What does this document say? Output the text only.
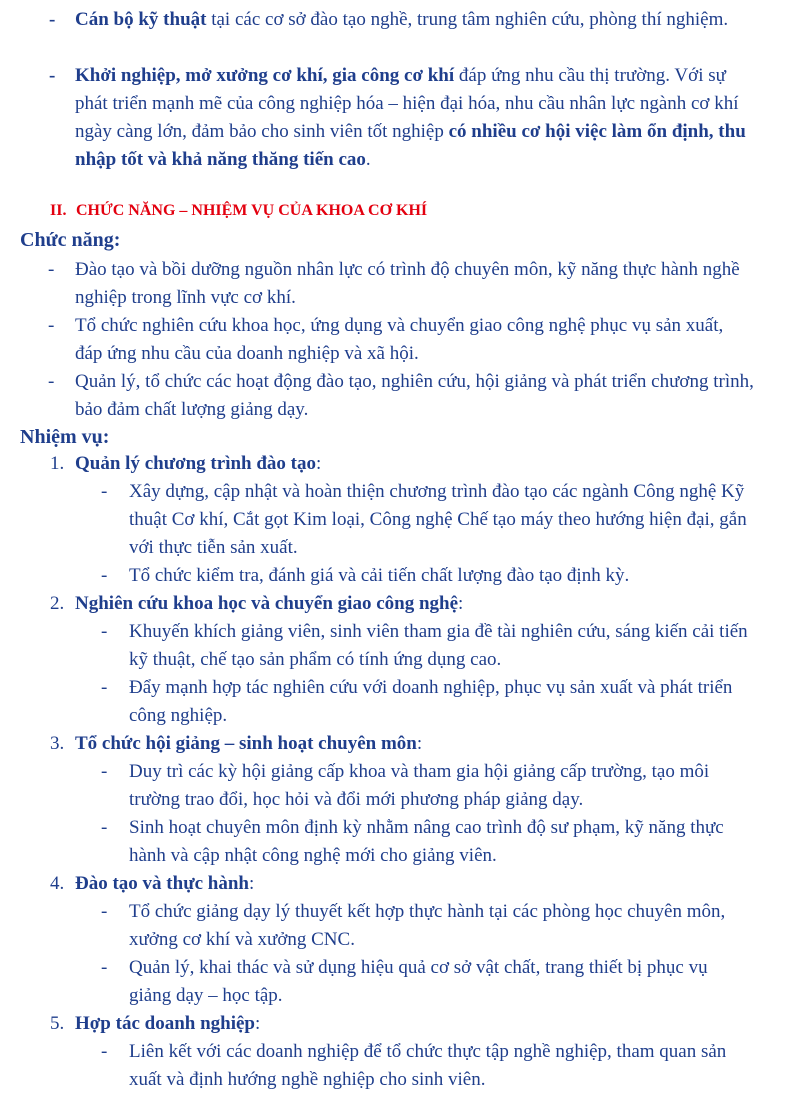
- Cán bộ kỹ thuật tại các cơ sở đào tạo nghề, trung tâm nghiên cứu, phòng thí nghiệm.
- Khởi nghiệp, mở xưởng cơ khí, gia công cơ khí đáp ứng nhu cầu thị trường. Với sự phát triển mạnh mẽ của công nghiệp hóa – hiện đại hóa, nhu cầu nhân lực ngành cơ khí ngày càng lớn, đảm bảo cho sinh viên tốt nghiệp có nhiều cơ hội việc làm ổn định, thu nhập tốt và khả năng thăng tiến cao.
II. CHỨC NĂNG – NHIỆM VỤ CỦA KHOA CƠ KHÍ
Chức năng:
- Đào tạo và bồi dưỡng nguồn nhân lực có trình độ chuyên môn, kỹ năng thực hành nghề nghiệp trong lĩnh vực cơ khí.
- Tổ chức nghiên cứu khoa học, ứng dụng và chuyển giao công nghệ phục vụ sản xuất, đáp ứng nhu cầu của doanh nghiệp và xã hội.
- Quản lý, tổ chức các hoạt động đào tạo, nghiên cứu, hội giảng và phát triển chương trình, bảo đảm chất lượng giảng dạy.
Nhiệm vụ:
1. Quản lý chương trình đào tạo:
- Xây dựng, cập nhật và hoàn thiện chương trình đào tạo các ngành Công nghệ Kỹ thuật Cơ khí, Cắt gọt Kim loại, Công nghệ Chế tạo máy theo hướng hiện đại, gắn với thực tiễn sản xuất.
- Tổ chức kiểm tra, đánh giá và cải tiến chất lượng đào tạo định kỳ.
2. Nghiên cứu khoa học và chuyển giao công nghệ:
- Khuyến khích giảng viên, sinh viên tham gia đề tài nghiên cứu, sáng kiến cải tiến kỹ thuật, chế tạo sản phẩm có tính ứng dụng cao.
- Đẩy mạnh hợp tác nghiên cứu với doanh nghiệp, phục vụ sản xuất và phát triển công nghiệp.
3. Tổ chức hội giảng – sinh hoạt chuyên môn:
- Duy trì các kỳ hội giảng cấp khoa và tham gia hội giảng cấp trường, tạo môi trường trao đổi, học hỏi và đổi mới phương pháp giảng dạy.
- Sinh hoạt chuyên môn định kỳ nhằm nâng cao trình độ sư phạm, kỹ năng thực hành và cập nhật công nghệ mới cho giảng viên.
4. Đào tạo và thực hành:
- Tổ chức giảng dạy lý thuyết kết hợp thực hành tại các phòng học chuyên môn, xưởng cơ khí và xưởng CNC.
- Quản lý, khai thác và sử dụng hiệu quả cơ sở vật chất, trang thiết bị phục vụ giảng dạy – học tập.
5. Hợp tác doanh nghiệp:
- Liên kết với các doanh nghiệp để tổ chức thực tập nghề nghiệp, tham quan sản xuất và định hướng nghề nghiệp cho sinh viên.
